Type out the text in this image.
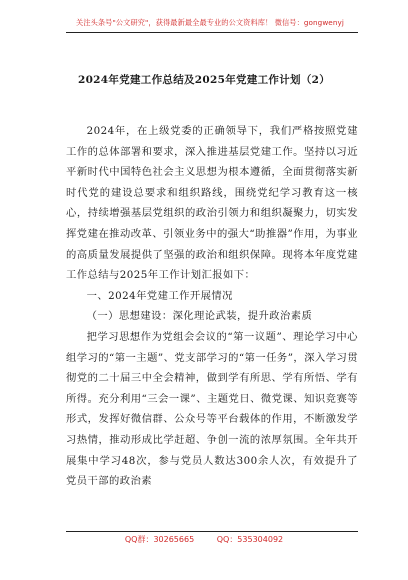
关注头条号"公文研究"，获得最新最全最专业的公文资料库！ 微信号：gongwenyj
2024年党建工作总结及2025年党建工作计划（2）

2024年，在上级党委的正确领导下，我们严格按照党建工作的总体部署和要求，深入推进基层党建工作。坚持以习近平新时代中国特色社会主义思想为根本遵循，全面贯彻落实新时代党的建设总要求和组织路线，围绕党纪学习教育这一核心，持续增强基层党组织的政治引领力和组织凝聚力，切实发挥党建在推动改革、引领业务中的强大“助推器”作用，为事业的高质量发展提供了坚强的政治和组织保障。现将本年度党建工作总结与2025年工作计划汇报如下：

一、2024年党建工作开展情况

（一）思想建设：深化理论武装，提升政治素质

把学习思想作为党组会会议的“第一议题”、理论学习中心组学习的“第一主题”、党支部学习的“第一任务”，深入学习贯彻党的二十届三中全会精神，做到学有所思、学有所悟、学有所得。充分利用“三会一课”、主题党日、微党课、知识竞赛等形式，发挥好微信群、公众号等平台载体的作用，不断激发学习热情，推动形成比学赶超、争创一流的浓厚氛围。全年共开展集中学习48次，参与党员人数达300余人次，有效提升了党员干部的政治素

QQ群：30265665	QQ：535304092
